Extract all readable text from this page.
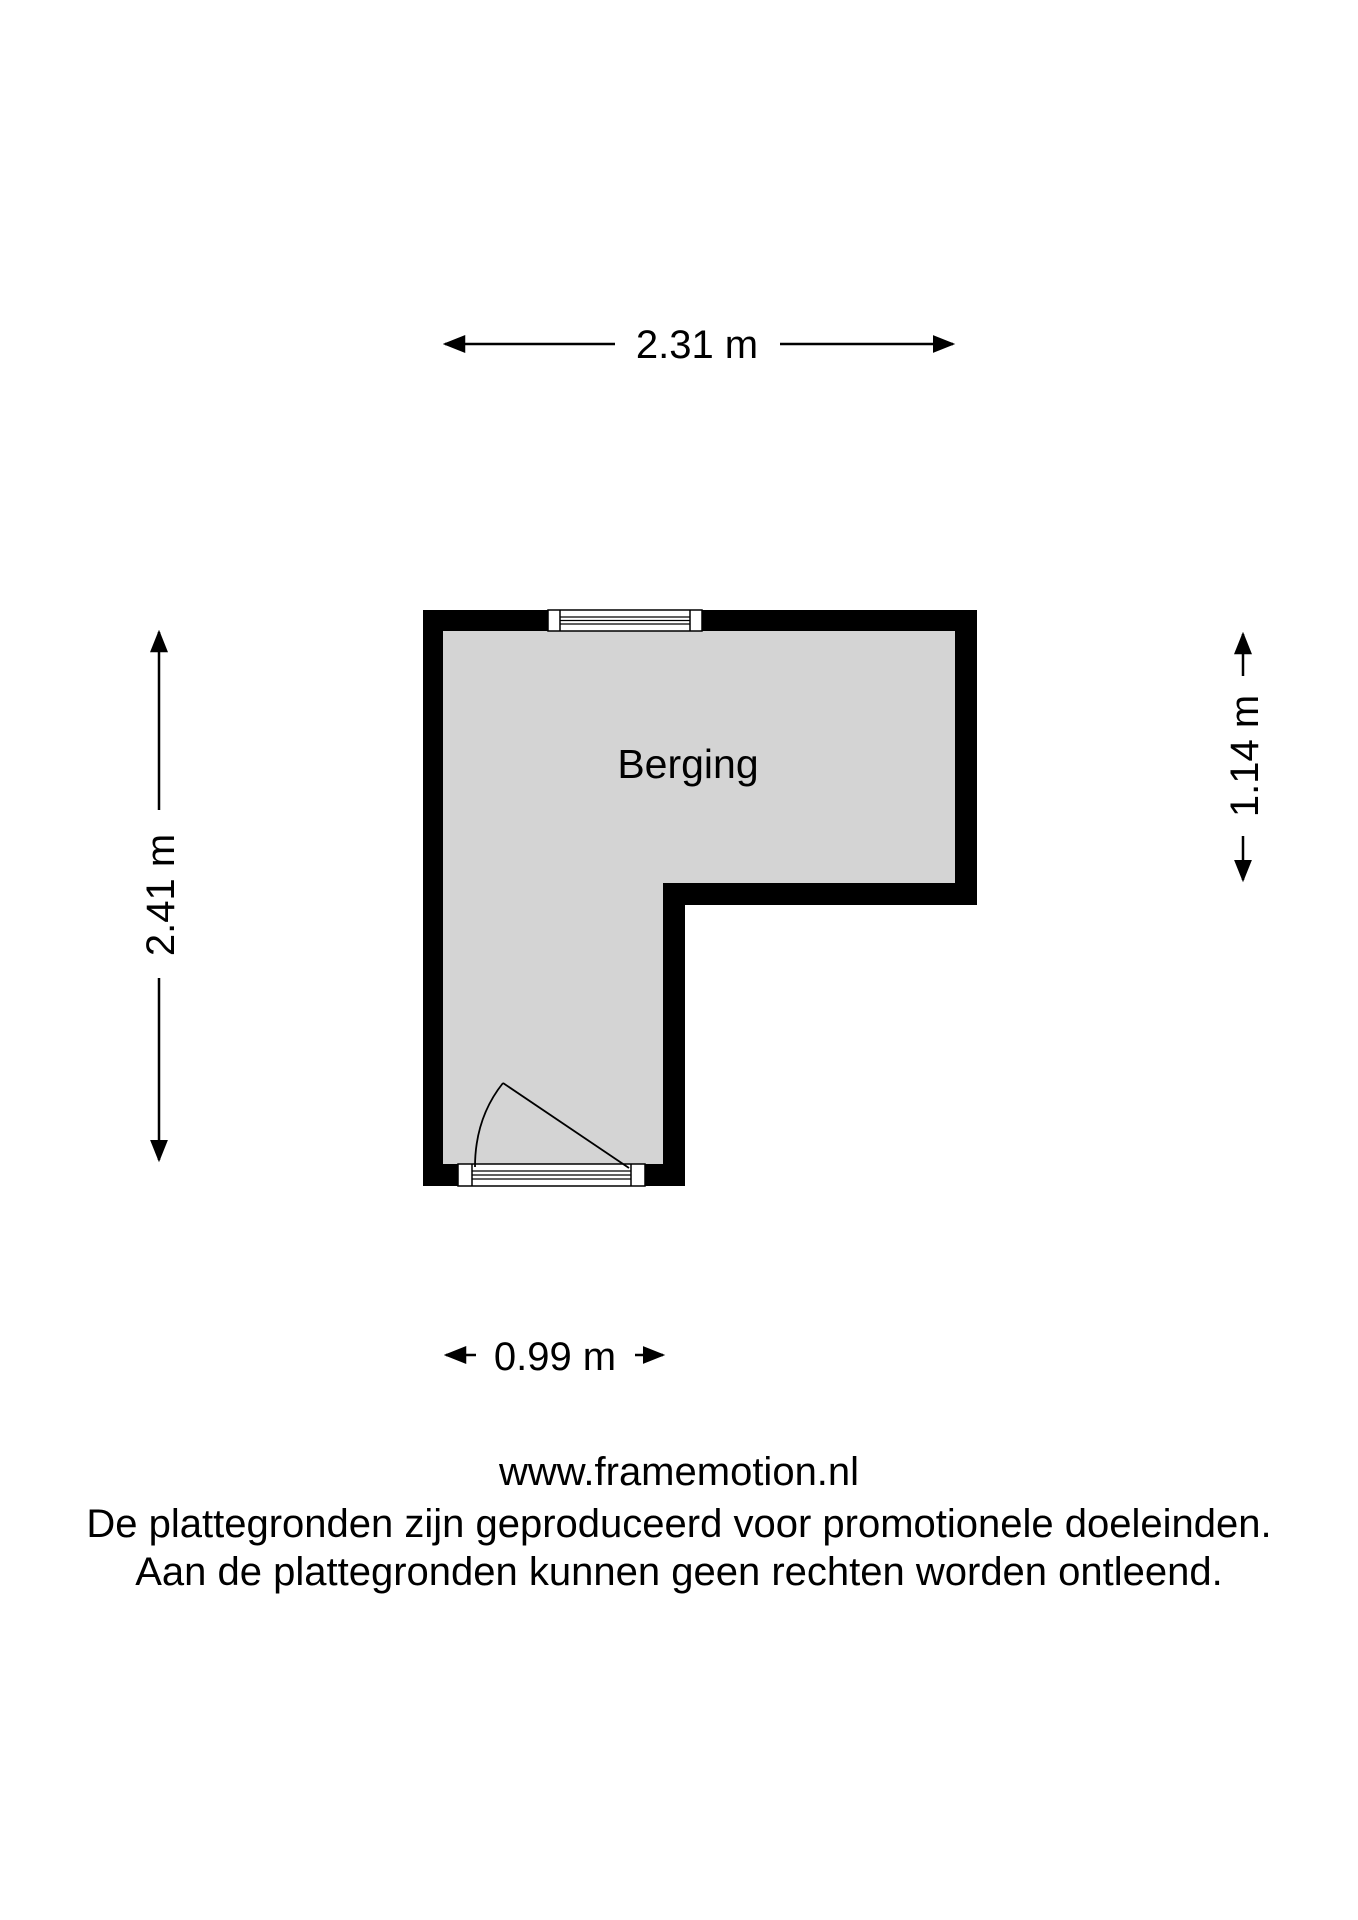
2.31 m
2.41 m
1.14 m
Berging
0.99 m
www.framemotion.nl
De plattegronden zijn geproduceerd voor promotionele doeleinden.
Aan de plattegronden kunnen geen rechten worden ontleend.
